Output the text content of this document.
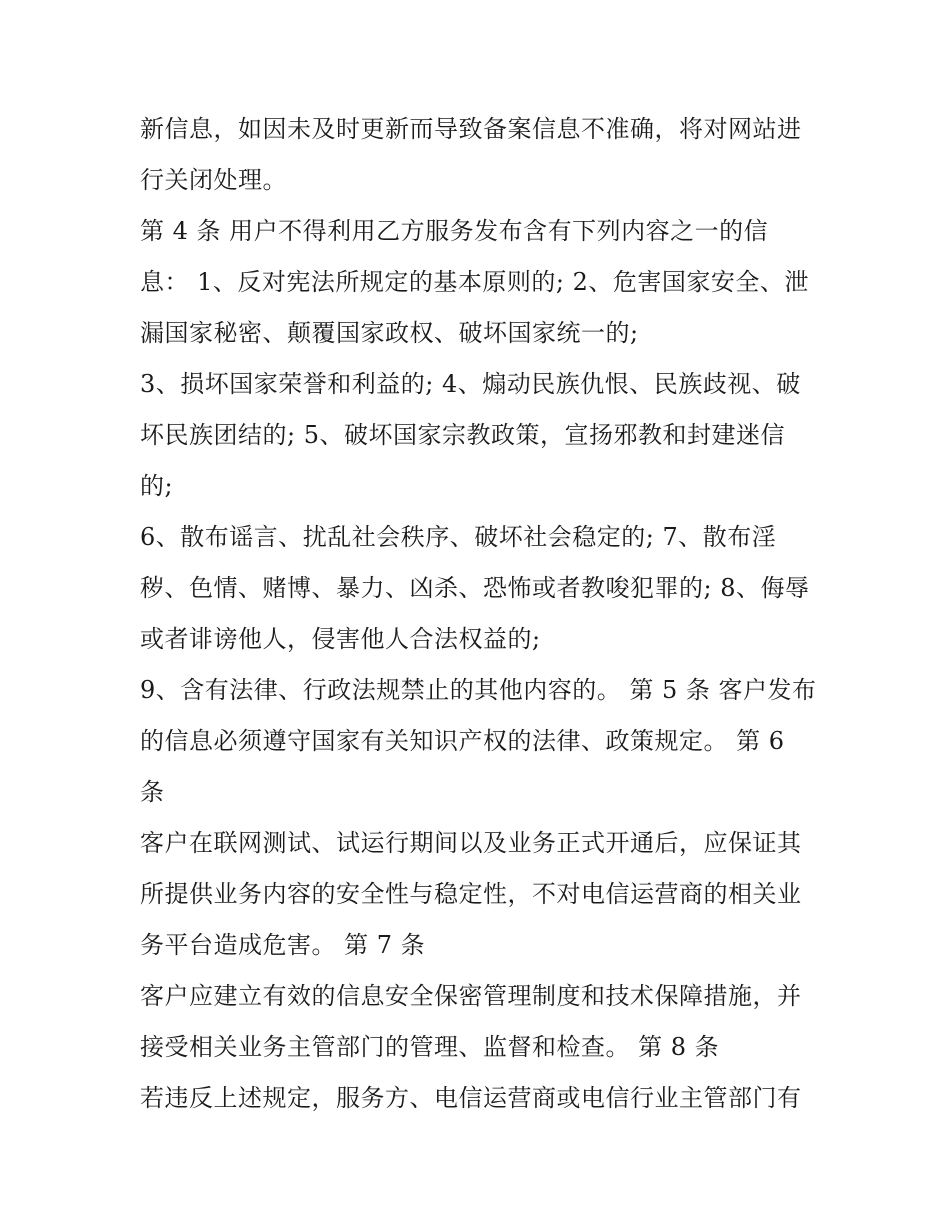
新信息，如因未及时更新而导致备案信息不准确，将对网站进
行关闭处理。
第 4 条 用户不得利用乙方服务发布含有下列内容之一的信
息： 1、反对宪法所规定的基本原则的; 2、危害国家安全、泄
漏国家秘密、颠覆国家政权、破坏国家统一的;
3、损坏国家荣誉和利益的; 4、煽动民族仇恨、民族歧视、破
坏民族团结的; 5、破坏国家宗教政策，宣扬邪教和封建迷信
的;
6、散布谣言、扰乱社会秩序、破坏社会稳定的; 7、散布淫
秽、色情、赌博、暴力、凶杀、恐怖或者教唆犯罪的; 8、侮辱
或者诽谤他人，侵害他人合法权益的;
9、含有法律、行政法规禁止的其他内容的。 第 5 条 客户发布
的信息必须遵守国家有关知识产权的法律、政策规定。 第 6
条
客户在联网测试、试运行期间以及业务正式开通后，应保证其
所提供业务内容的安全性与稳定性，不对电信运营商的相关业
务平台造成危害。 第 7 条
客户应建立有效的信息安全保密管理制度和技术保障措施，并
接受相关业务主管部门的管理、监督和检查。 第 8 条
若违反上述规定，服务方、电信运营商或电信行业主管部门有
